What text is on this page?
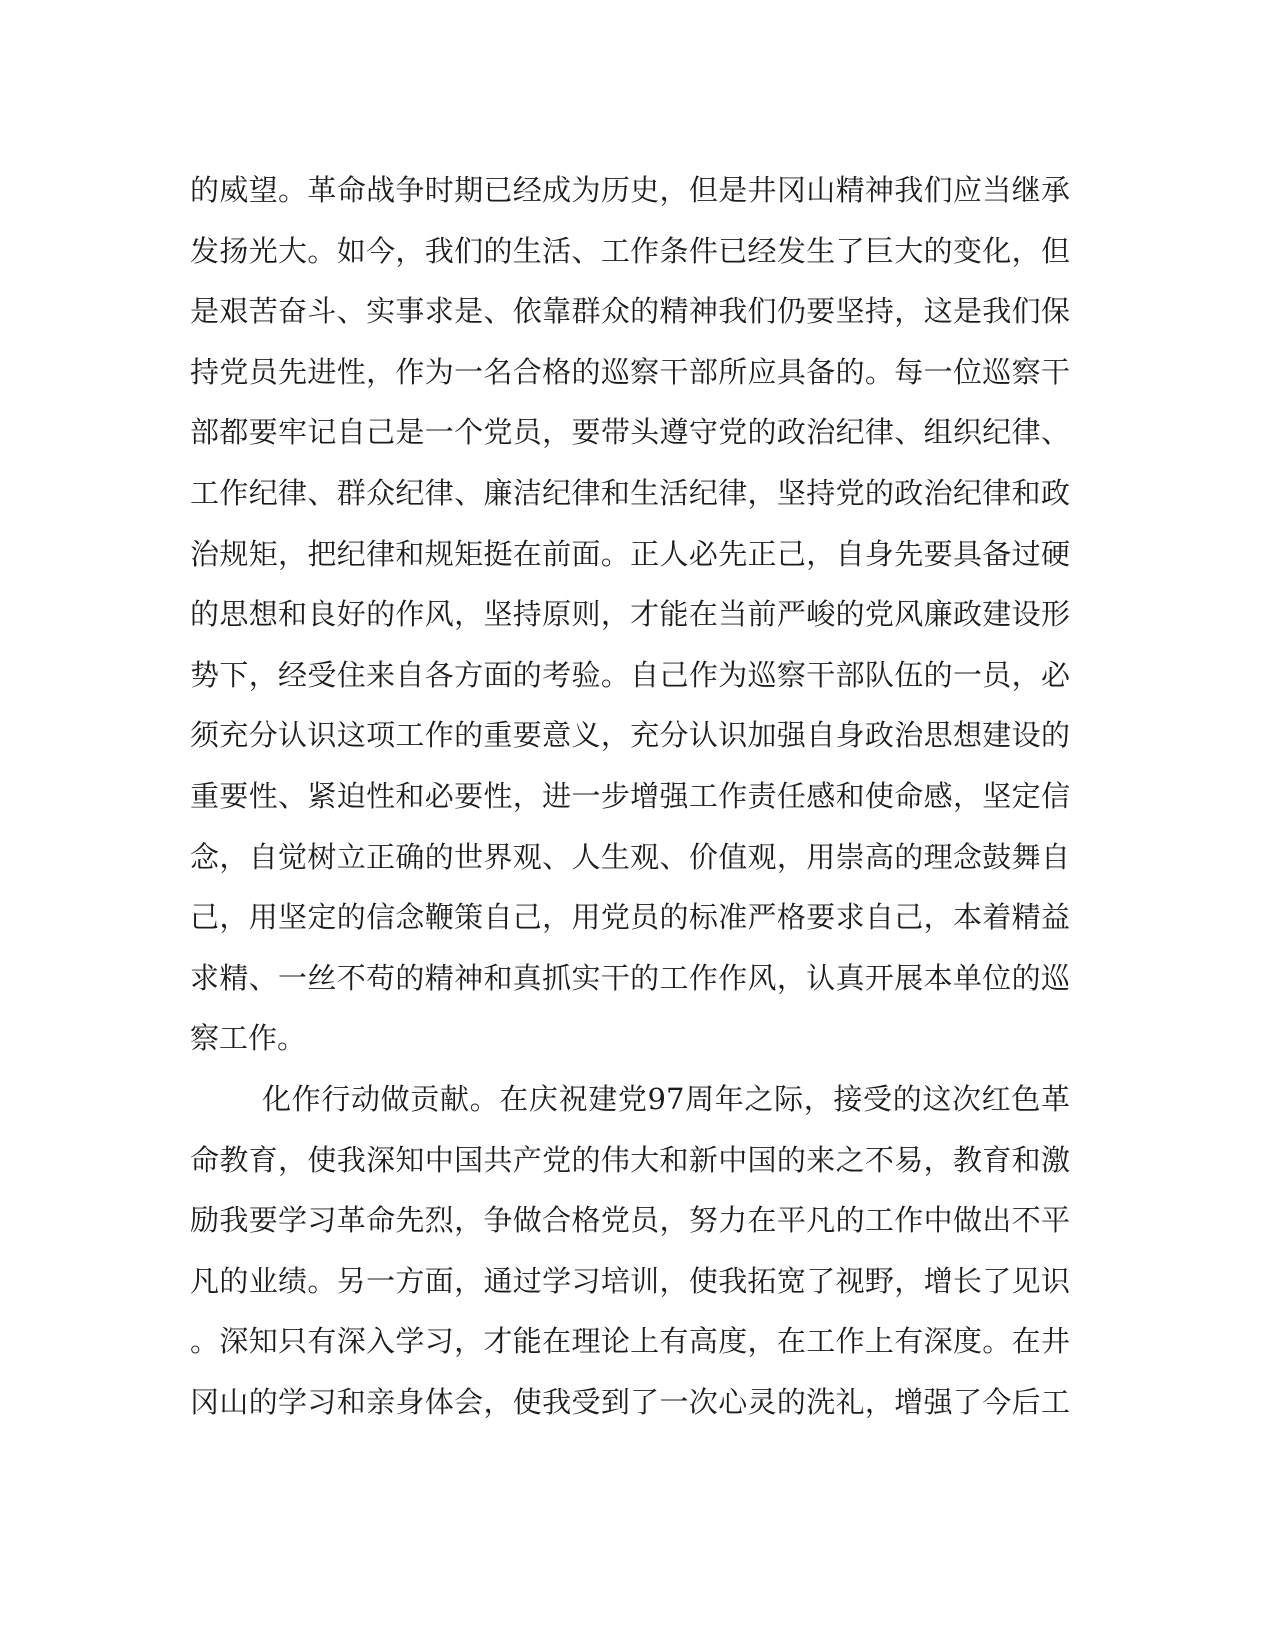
的威望。革命战争时期已经成为历史，但是井冈山精神我们应当继承
发扬光大。如今，我们的生活、工作条件已经发生了巨大的变化，但
是艰苦奋斗、实事求是、依靠群众的精神我们仍要坚持，这是我们保
持党员先进性，作为一名合格的巡察干部所应具备的。每一位巡察干
部都要牢记自己是一个党员，要带头遵守党的政治纪律、组织纪律、
工作纪律、群众纪律、廉洁纪律和生活纪律，坚持党的政治纪律和政
治规矩，把纪律和规矩挺在前面。正人必先正己，自身先要具备过硬
的思想和良好的作风，坚持原则，才能在当前严峻的党风廉政建设形
势下，经受住来自各方面的考验。自己作为巡察干部队伍的一员，必
须充分认识这项工作的重要意义，充分认识加强自身政治思想建设的
重要性、紧迫性和必要性，进一步增强工作责任感和使命感，坚定信
念，自觉树立正确的世界观、人生观、价值观，用崇高的理念鼓舞自
己，用坚定的信念鞭策自己，用党员的标准严格要求自己，本着精益
求精、一丝不苟的精神和真抓实干的工作作风，认真开展本单位的巡
察工作。
化作行动做贡献。在庆祝建党97周年之际，接受的这次红色革
命教育，使我深知中国共产党的伟大和新中国的来之不易，教育和激
励我要学习革命先烈，争做合格党员，努力在平凡的工作中做出不平
凡的业绩。另一方面，通过学习培训，使我拓宽了视野，增长了见识
。深知只有深入学习，才能在理论上有高度，在工作上有深度。在井
冈山的学习和亲身体会，使我受到了一次心灵的洗礼，增强了今后工
